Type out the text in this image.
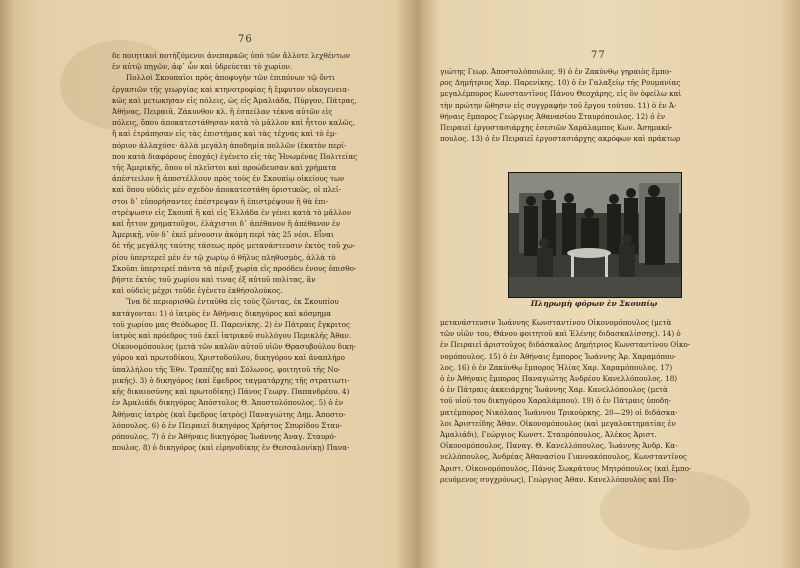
76
δε ποιητικοί ποτήζόμενοι ἀνεπαρκῶς ὑπὸ τῶν ἄλλοτε λεχθέντων
ἐν αὐτῷ πηγῶν, ἀφ᾽ ὧν καὶ ὑδρεύεται τὸ χωρίον.
Πολλοὶ Σκουπαῖοι πρὸς ἀποφυγὴν τῶν ἐπιπόνων τῷ ὄντι
ἐργασιῶν τῆς γεωργίας καὶ κτηνοτροφίας ἢ ἔμφυτον οἰκογενεια-
κῶς καὶ μετωκησαν εἰς πόλεις, ὡς εἰς Ἀμαλιάδα, Πύργον, Πάτρας,
Ἀθήνας, Πειραιᾶ, Ζάκυνθον κλ. ἢ ἐσπείλαν τέκνα αὐτῶν εἰς
πόλεις, ὅπου ἀποκατεστάθησαν κατὰ τὸ μᾶλλον καὶ ἧττον καλῶς,
ἢ καὶ ἐτράπησαν εἰς τὰς ἐπιστήμας καὶ τὰς τέχνας καὶ τὸ ἐμ-
πόριον ἀλλαχόσε· ἀλλὰ μεγάλη ἀποδημία πολλῶν (ἑκατὸν περί-
που κατὰ διαφόρους ἐποχάς) ἐγένετο εἰς τὰς Ἡνωμένας Πολιτείας
τῆς Ἀμερικῆς, ὅπου οἱ πλεῖστοι καὶ προώδευσαν καὶ χρήματα
ἀπέστειλον ἢ ἀποστέλλουν πρὸς τοὺς ἐν Σκουπίῳ οἰκείους των
καὶ ὅπου οὐδεὶς μὲν σχεδὸν ἀποκατεστάθη ὁριστικῶς, οἱ πλεῖ-
στοι δ᾽ εὐπορήσαντες ἐπέστρεψαν ἢ ἐπιστρέψουν ἢ θὰ ἐπι-
στρέψωσιν εἰς Σκουπὶ ἢ καὶ εἰς Ἑλλάδα ἐν γένει κατὰ τὸ μᾶλλον
καὶ ἧττον χρηματοῦχοι, ἐλάχιστοι δ᾽ ἀπέθανον ἢ ἀπέθανον ἐν
Ἀμερικῇ, νῦν δ᾽ ἐκεῖ μένουσιν ἀκόμη περὶ τὰς 25 νέοι. Εἶναι
δὲ τῆς μεγάλης ταύτης τάσεως πρὸς μετανάστευσιν ἐκτὸς τοῦ χω-
ρίου ὑπερτερεῖ μὲν ἐν τῷ χωρίῳ ὁ θῆλυς πληθυσμὸς, ἀλλὰ τὸ
Σκοῦπι ὑπερτερεῖ πάντα τὰ πέριξ χωρία εἰς προόδευ ἐνους ὁπισθο-
βήστε ἐκτὸς τοῦ χωρίου καὶ τινας ἐξ αὐτοῦ πολίτας, ἂν
καὶ οὐδεὶς μέχρι τοῦδε ἐγένετο ἐκθήσολούκος.
Ἵνα δὲ περιορισθῶ ἐνταῦθα εἰς τοὺς ζῶντας, ἐκ Σκουπίου
κατάγονται: 1) ὁ ἰατρὸς ἐν Ἀθήναις δικηγόρος καὶ κόσμημα
τοῦ χωρίου μας Θεόδωρος Π. Παρενίκης. 2) ἐν Πάτραις ἔγκριτος
ἰατρὸς καὶ πρόεδρος τοῦ ἐκεῖ ἰατρικοῦ συλλόγου Περικλῆς Ἀθαν.
Οἰκονομόπουλος (μετὰ τῶν καλῶν αὐτοῦ υἱῶν Θρασυβούλου δικη-
γόρου καὶ πρωτοδίκου, Χριστοδούλου, δικηγόρου καὶ ἀναπλήρο
ὑπαλλήλου τῆς Ἐθν. Τραπέζης καὶ Σόλωνος, φοιτητοῦ τῆς Νο-
μικῆς). 3) ὁ δικηγόρος (καὶ ἔφεδρος ταγματάρχης τῆς στρατιωτι-
κῆς δικαιοσύνης καὶ πρωτοδίκης) Πάνος Γεωργ. Παπανδρέου. 4)
ἐν Ἀμαλιάδι δικηγόρος Ἀπόστολος Θ. Ἀποστολόπουλος. 5) ὁ ἐν
Ἀθήναις ἰατρὸς (καὶ ἔφεδρος ἰατρὸς) Παναγιώτης Δημ. Ἀποστο-
λόπουλος. 6) ὁ ἐν Πειραιεῖ δικηγόρος Χρῆστος Σπυρίδου Σταυ-
ρόπουλος. 7) ὁ ἐν Ἀθήναις δικηγόρος Ἰωάννης Ἀναγ. Σταυρό-
πουλος. 8) ὁ δικηγόρος (καὶ εἰρηνοδίκης ἐν Θεσσαλονίκῃ) Πανα-
77
γιώτης Γεωρ. Ἀποστολόπουλος. 9) ὁ ἐν Ζακύνθῳ γηραιὸς ἔμπο-
ρος Δημήτριος Χαρ. Παρενίκης. 10) ὁ ἐν Γαλαξείῳ τῆς Ρουμανίας
μεγαλέμπορος Κωνσταντῖνος Πάνου Θεοχάρης, εἰς ὃν ὀφείλω καὶ
τὴν πρώτην ὤθησιν εἰς συγγραφὴν τοῦ ἔργου τούτου. 11) ὁ ἐν Ἀ-
θήναις ἔμπορος Γεώργιος Ἀθανασίου Σταυρόπουλος. 12) ὁ ἐν
Πειραιεῖ ἐργοστασιάρχης ἐσεσιῶν Χαράλαμπος Κων. Ἀσημακό-
πουλος. 13) ὁ ἐν Πειραιεῖ ἐργοστασιάρχης ακρόφων καὶ πράκτωρ
Πληρωμὴ φόρων ἐν Σκουπίῳ
μετανάστευσιν Ἰωάννης Κωνσταντίνου Οἰκονομόπουλος (μετὰ
τῶν υἱῶν του, Θάνου φοιτητοῦ καὶ Ἑλένης διδασκαλίσσης). 14) ὁ
ἐν Πειραιεῖ ἀριστοῦχος διδάσκαλος Δημήτριος Κωνσταντίνου Οἰκο-
νομόπουλος. 15) ὁ ἐν Ἀθήναις ἔμπορος Ἰωάννης Ἀρ. Χαραμόπου-
λος. 16) ὁ ἐν Ζακύνθῳ ἔμπορος Ἠλίας Χαρ. Χαραμόπουλος. 17)
ὁ ἐν Ἀθήναις ἔμπορος Παναγιώτης Ἀνδρέου Κανελλόπουλος. 18)
ὁ ἐν Πάτραις ἀκκειάρχης Ἰωάννης Χαρ. Κανελλόπουλος (μετὰ
τοῦ υἱοῦ του δικηγόρου Χαραλάμπου). 19) ὁ ἐν Πάτραις ὑποδη-
ματέμπορος Νικόλαος Ἰωάννου Τρικούρκης. 20—29) οἱ διδάσκα-
λοι Ἀριστείδης Ἀθαν. Οἰκονομόπουλος (καὶ μεγαλοκτηματίας ἐν
Ἀμαλιάδι), Γεώργιος Κωνστ. Σταυρόπουλος, Ἀλέκος Ἀριστ.
Οἰκονομόπουλος, Παναγ. Θ. Κανελλόπουλος, Ἰωάννης Ἀνδρ. Κα-
νελλόπουλος, Ἀνδρέας Ἀθανασίου Γιαννακόπουλος, Κωνσταντῖνος
Ἀριστ. Οἰκονομόπουλος, Πάνος Σωκράτους Μητρόπουλος (καὶ ἔμπο-
ρευόμενος συγχρόνως), Γεώργιος Ἀθαν. Κανελλόπουλος καὶ Πα-
